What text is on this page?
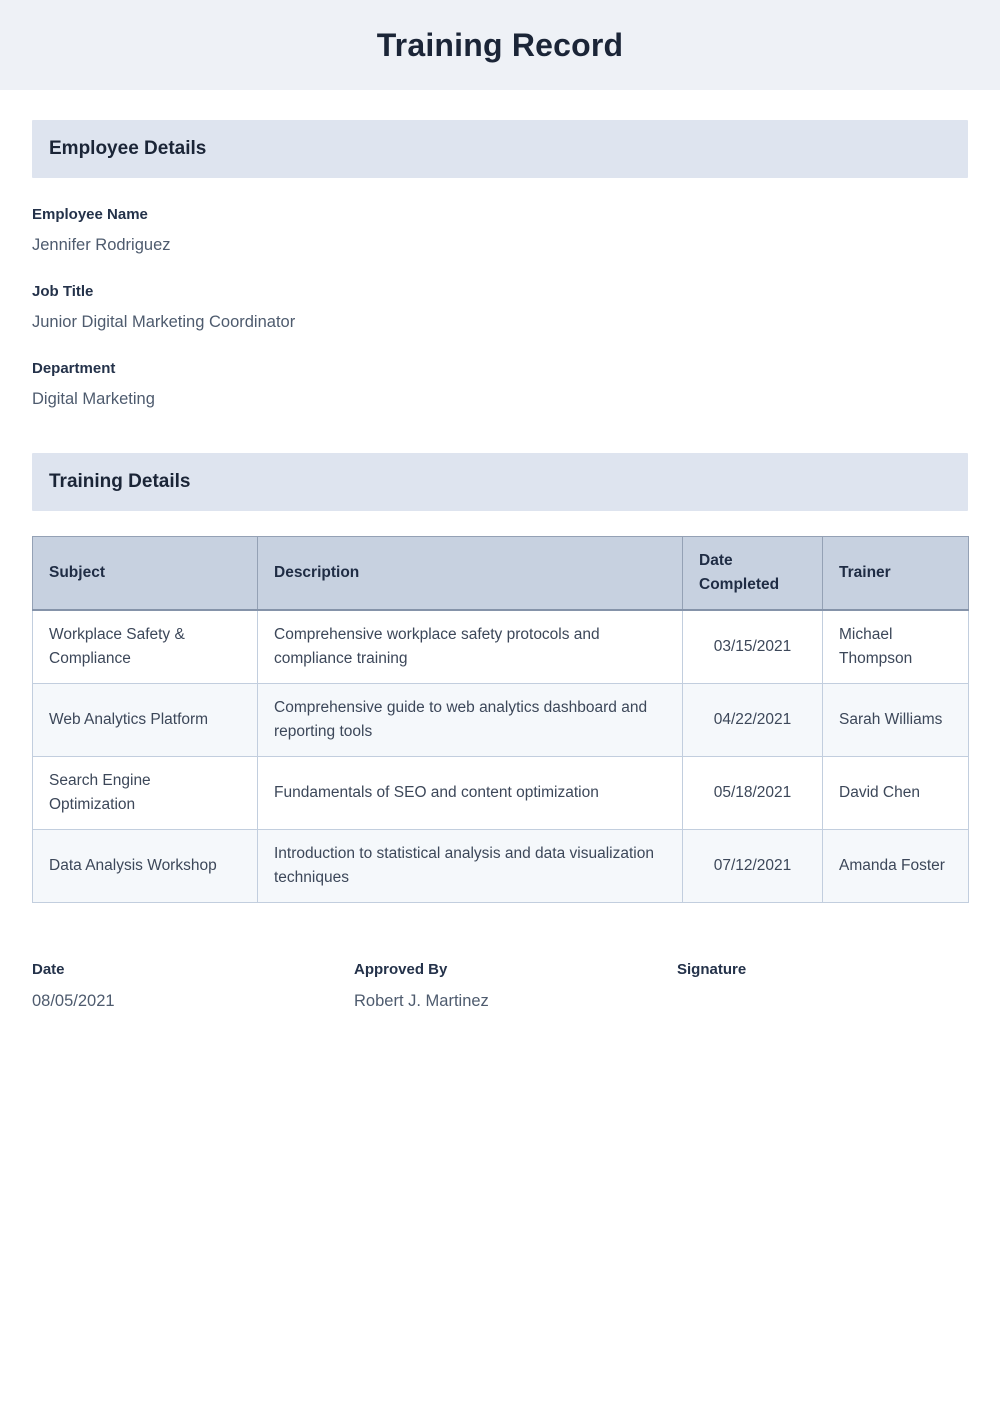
Training Record
Employee Details
Employee Name
Jennifer Rodriguez
Job Title
Junior Digital Marketing Coordinator
Department
Digital Marketing
Training Details
Subject	Description	Date Completed	Trainer
Workplace Safety & Compliance	Comprehensive workplace safety protocols and compliance training	03/15/2021	Michael Thompson
Web Analytics Platform	Comprehensive guide to web analytics dashboard and reporting tools	04/22/2021	Sarah Williams
Search Engine Optimization	Fundamentals of SEO and content optimization	05/18/2021	David Chen
Data Analysis Workshop	Introduction to statistical analysis and data visualization techniques	07/12/2021	Amanda Foster
Date
08/05/2021
Approved By
Robert J. Martinez
Signature
